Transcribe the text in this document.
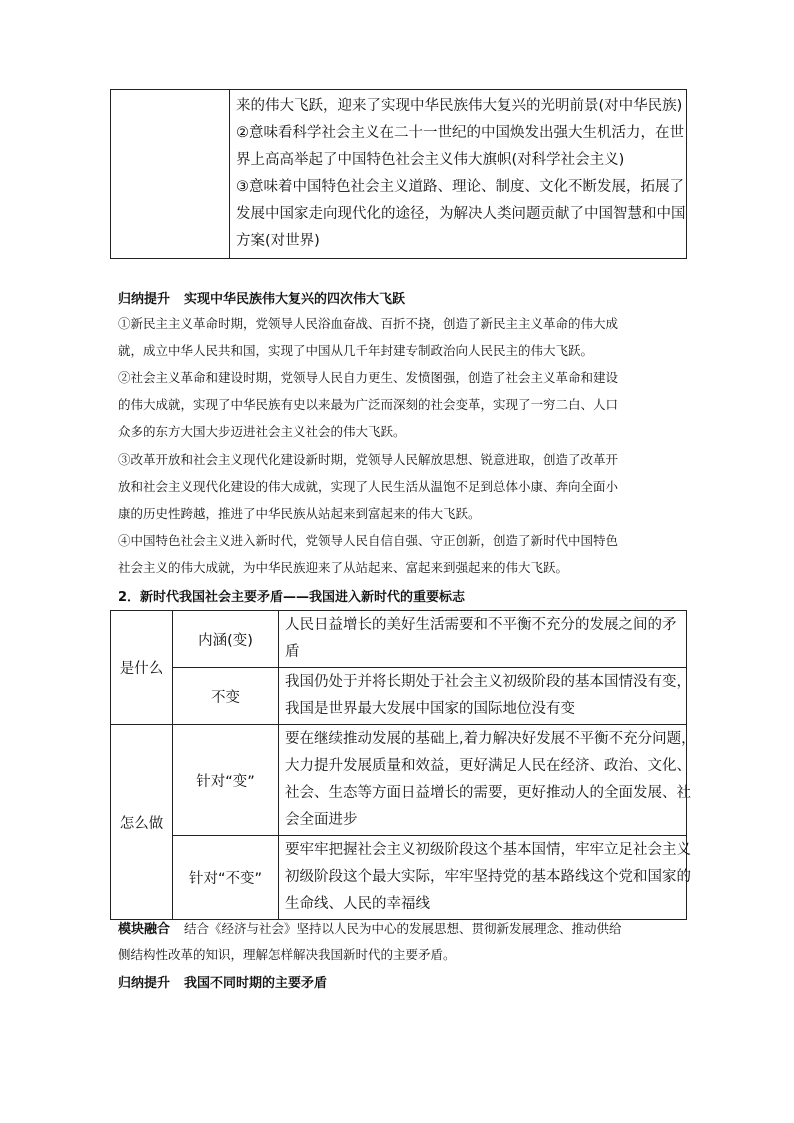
来的伟大飞跃，迎来了实现中华民族伟大复兴的光明前景(对中华民族)
②意味看科学社会主义在二十一世纪的中国焕发出强大生机活力，在世
界上高高举起了中国特色社会主义伟大旗帜(对科学社会主义)
③意味着中国特色社会主义道路、理论、制度、文化不断发展，拓展了
发展中国家走向现代化的途径，为解决人类问题贡献了中国智慧和中国
方案(对世界)
归纳提升 实现中华民族伟大复兴的四次伟大飞跃
①新民主主义革命时期，党领导人民浴血奋战、百折不挠，创造了新民主主义革命的伟大成
就，成立中华人民共和国，实现了中国从几千年封建专制政治向人民民主的伟大飞跃。
②社会主义革命和建设时期，党领导人民自力更生、发愤图强，创造了社会主义革命和建设
的伟大成就，实现了中华民族有史以来最为广泛而深刻的社会变革，实现了一穷二白、人口
众多的东方大国大步迈进社会主义社会的伟大飞跃。
③改革开放和社会主义现代化建设新时期，党领导人民解放思想、锐意进取，创造了改革开
放和社会主义现代化建设的伟大成就，实现了人民生活从温饱不足到总体小康、奔向全面小
康的历史性跨越，推进了中华民族从站起来到富起来的伟大飞跃。
④中国特色社会主义进入新时代，党领导人民自信自强、守正创新，创造了新时代中国特色
社会主义的伟大成就，为中华民族迎来了从站起来、富起来到强起来的伟大飞跃。
2．新时代我国社会主要矛盾——我国进入新时代的重要标志
是什么	内涵(变)	人民日益增长的美好生活需要和不平衡不充分的发展之间的矛盾
	不变	我国仍处于并将长期处于社会主义初级阶段的基本国情没有变，
我国是世界最大发展中国家的国际地位没有变

怎么做	针对“变”	要在继续推动发展的基础上,着力解决好发展不平衡不充分问题，
大力提升发展质量和效益，更好满足人民在经济、政治、文化、
社会、生态等方面日益增长的需要，更好推动人的全面发展、社
会全面进步

	针对“不变”	要牢牢把握社会主义初级阶段这个基本国情，牢牢立足社会主义
初级阶段这个最大实际，牢牢坚持党的基本路线这个党和国家的
生命线、人民的幸福线
模块融合 结合《经济与社会》坚持以人民为中心的发展思想、贯彻新发展理念、推动供给
侧结构性改革的知识，理解怎样解决我国新时代的主要矛盾。
归纳提升 我国不同时期的主要矛盾
